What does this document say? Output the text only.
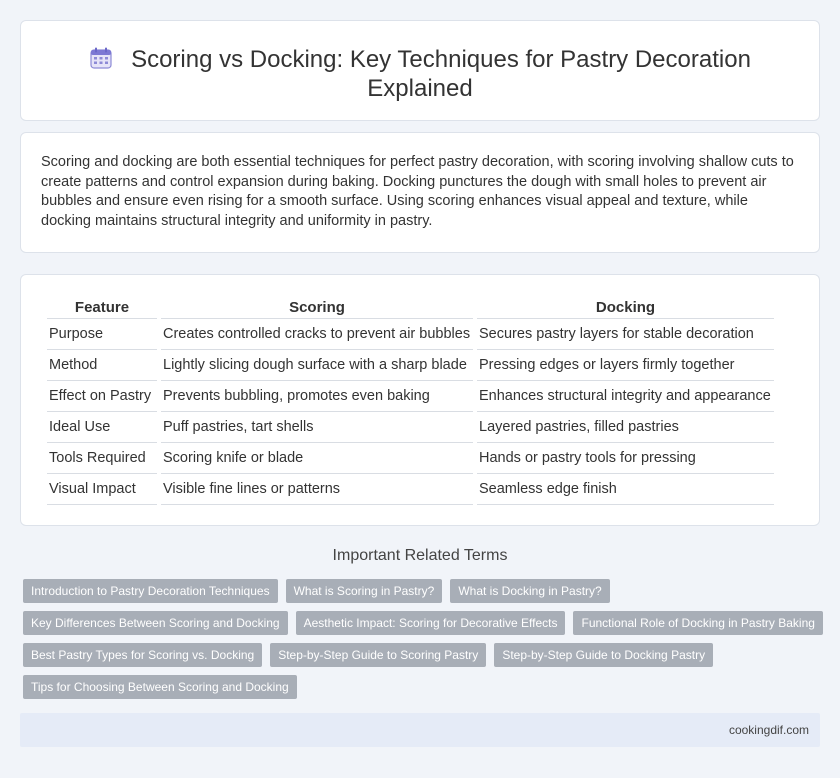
Scoring vs Docking: Key Techniques for Pastry Decoration Explained

Scoring and docking are both essential techniques for perfect pastry decoration, with scoring involving shallow cuts to create patterns and control expansion during baking. Docking punctures the dough with small holes to prevent air bubbles and ensure even rising for a smooth surface. Using scoring enhances visual appeal and texture, while docking maintains structural integrity and uniformity in pastry.

Feature	Scoring	Docking
Purpose	Creates controlled cracks to prevent air bubbles	Secures pastry layers for stable decoration
Method	Lightly slicing dough surface with a sharp blade	Pressing edges or layers firmly together
Effect on Pastry	Prevents bubbling, promotes even baking	Enhances structural integrity and appearance
Ideal Use	Puff pastries, tart shells	Layered pastries, filled pastries
Tools Required	Scoring knife or blade	Hands or pastry tools for pressing
Visual Impact	Visible fine lines or patterns	Seamless edge finish
Important Related Terms
Introduction to Pastry Decoration Techniques	What is Scoring in Pastry?	What is Docking in Pastry?
Key Differences Between Scoring and Docking	Aesthetic Impact: Scoring for Decorative Effects	Functional Role of Docking in Pastry Baking
Best Pastry Types for Scoring vs. Docking	Step-by-Step Guide to Scoring Pastry	Step-by-Step Guide to Docking Pastry
Tips for Choosing Between Scoring and Docking
cookingdif.com
